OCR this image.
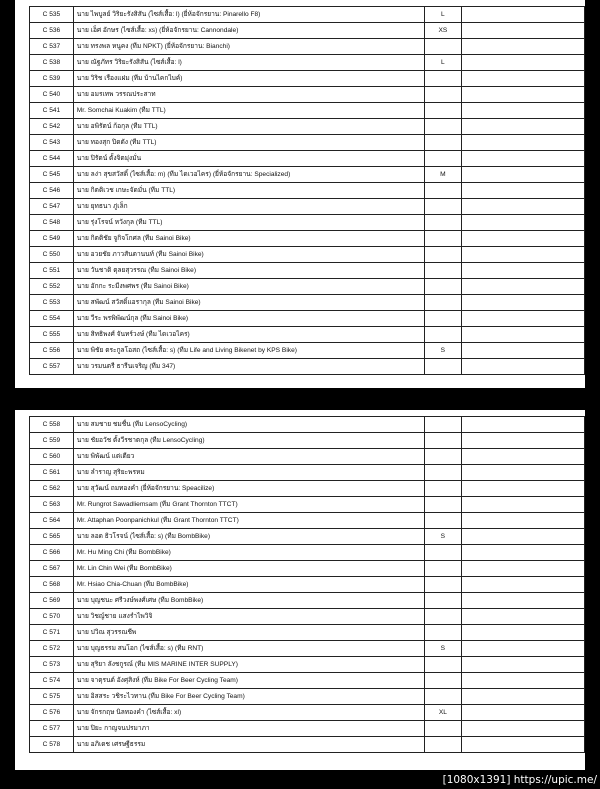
	C 535	นาย ไพบูลย์ วิริยะรังสิสัน (ไซส์เสื้อ: l) (ยี่ห้อจักรยาน: Pinarello F8)	L	
	C 536	นาย เอ็ศ อักษร (ไซส์เสื้อ: xs) (ยี่ห้อจักรยาน: Cannondale)	XS	
	C 537	นาย ทรงพล หนูคง (ทีม NPKT) (ยี่ห้อจักรยาน: Bianchi)		
	C 538	นาย ณัฐภัทร วิริยะรังสิสัน (ไซส์เสื้อ: l)	L	
	C 539	นาย วิริช เรืองแฝม (ทีม บ้านไคกไบค์)		
	C 540	นาย อมรเทพ วรรณประสาท		
	C 541	Mr. Somchai Kuakim (ทีม TTL)		
	C 542	นาย อพิรัตน์ ก้อกุล (ทีม TTL)		
	C 543	นาย ทองสุก ปิดตัง (ทีม TTL)		
	C 544	นาย ปิรัตน์ ตั้งจิตมุ่งมั่น		
	C 545	นาย ลง่า สุขสวัสดิ์ (ไซส์เสื้อ: m) (ทีม ไดเวอไคร) (ยี่ห้อจักรยาน: Specialized)	M	
	C 546	นาย กิตติเวช เกษะจัดมั่น (ทีม TTL)		
	C 547	นาย ยุทธนา ภู่เล็ก		
	C 548	นาย รุ่งโรจน์ หวังกุล (ทีม TTL)		
	C 549	นาย กิตติชัย จูกิจโกศล (ทีม Sainoi Bike)		
	C 550	นาย อวยชัย ภาวสันตานนท์ (ทีม Sainoi Bike)		
	C 551	นาย วันชาติ ตุลยสุวรรณ (ทีม Sainoi Bike)		
	C 552	นาย อักกะ ระมีงพศพร (ทีม Sainoi Bike)		
	C 553	นาย สพัฒน์ สวัสดิ์แอรากุล (ทีม Sainoi Bike)		
	C 554	นาย วีระ พรพิพัฒน์กุล (ทีม Sainoi Bike)		
	C 555	นาย สิทธิพงศ์ จันทร์วงษ์ (ทีม ไดเวอไคร)		
	C 556	นาย พิชัย ตระกูลโอสถ (ไซส์เสื้อ: s) (ทีม Life and Living Bikenet by KPS Bike)	S	
	C 557	นาย วรมนตรี ธารีนเจริญ (ทีม 347)		
	C 558	นาย สมชาย ชมชื่น (ทีม LensoCycling)		
	C 559	นาย ชัยอวัช ตั้งวีรชาตกุล (ทีม LensoCycling)		
	C 560	นาย พิพัฒน์ แต่เตียว		
	C 561	นาย ลำราญ สุริยะพรหม		
	C 562	นาย สุวัฒน์ ถมทองคำ (ยี่ห้อจักรยาน: Speacilize)		
	C 563	Mr. Rungrot Sawadliemsam (ทีม Grant Thornton TTCT)		
	C 564	Mr. Attaphan Poonpanichkul (ทีม Grant Thornton TTCT)		
	C 565	นาย ลอด ธิวโรจน์ (ไซส์เสื้อ: s) (ทีม BombBike)	S	
	C 566	Mr. Hu Ming Chi (ทีม BombBike)		
	C 567	Mr. Lin Chin Wei (ทีม BombBike)		
	C 568	Mr. Hsiao Chia-Chuan (ทีม BombBike)		
	C 569	นาย บุญชนะ ศรีวงษ์พงศ์เศษ (ทีม BombBike)		
	C 570	นาย วิชญ์ชาย แสงรำไพวิจิ		
	C 571	นาย ปวิณ สุวรรณชีพ		
	C 572	นาย บุญธรรม สนโอก (ไซส์เสื้อ: s) (ทีม RNT)	S	
	C 573	นาย สุริยา ลังชกูรณ์ (ทีม MIS MARINE INTER SUPPLY)		
	C 574	นาย จาตุรนต์ อังศุสิงห์ (ทีม Bike For Beer Cycling Team)		
	C 575	นาย อิสสระ วชิระไวทาน (ทีม Bike For Beer Cycling Team)		
	C 576	นาย จักรกฤษ นิลทองคำ (ไซส์เสื้อ: xl)	XL	
	C 577	นาย ปิยะ กาญจนปรมาภา		
	C 578	นาย อภิเดช เศรษฐีธรรม		
[1080x1391] https://upic.me/
